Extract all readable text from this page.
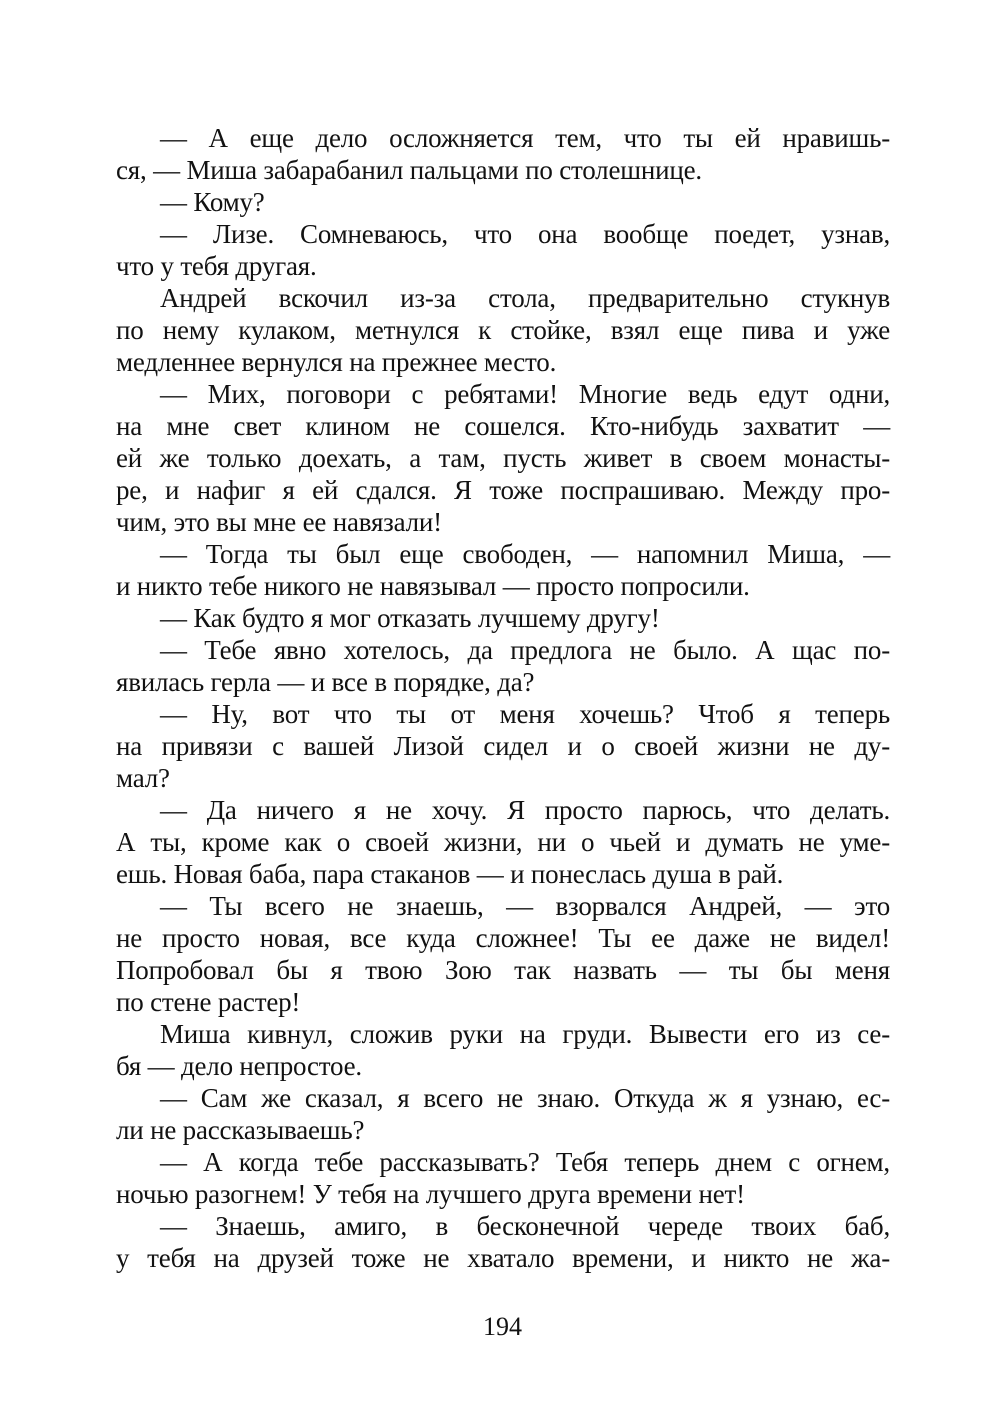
— А еще дело осложняется тем, что ты ей нравишь-
ся, — Миша забарабанил пальцами по столешнице.
— Кому?
— Лизе. Сомневаюсь, что она вообще поедет, узнав,
что у тебя другая.
Андрей вскочил из-за стола, предварительно стукнув
по нему кулаком, метнулся к стойке, взял еще пива и уже
медленнее вернулся на прежнее место.
— Мих, поговори с ребятами! Многие ведь едут одни,
на мне свет клином не сошелся. Кто-нибудь захватит —
ей же только доехать, а там, пусть живет в своем монасты-
ре, и нафиг я ей сдался. Я тоже поспрашиваю. Между про-
чим, это вы мне ее навязали!
— Тогда ты был еще свободен, — напомнил Миша, —
и никто тебе никого не навязывал — просто попросили.
— Как будто я мог отказать лучшему другу!
— Тебе явно хотелось, да предлога не было. А щас по-
явилась герла — и все в порядке, да?
— Ну, вот что ты от меня хочешь? Чтоб я теперь
на привязи с вашей Лизой сидел и о своей жизни не ду-
мал?
— Да ничего я не хочу. Я просто парюсь, что делать.
А ты, кроме как о своей жизни, ни о чьей и думать не уме-
ешь. Новая баба, пара стаканов — и понеслась душа в рай.
— Ты всего не знаешь, — взорвался Андрей, — это
не просто новая, все куда сложнее! Ты ее даже не видел!
Попробовал бы я твою Зою так назвать — ты бы меня
по стене растер!
Миша кивнул, сложив руки на груди. Вывести его из се-
бя — дело непростое.
— Сам же сказал, я всего не знаю. Откуда ж я узнаю, ес-
ли не рассказываешь?
— А когда тебе рассказывать? Тебя теперь днем с огнем,
ночью разогнем! У тебя на лучшего друга времени нет!
— Знаешь, амиго, в бесконечной череде твоих баб,
у тебя на друзей тоже не хватало времени, и никто не жа-
194
